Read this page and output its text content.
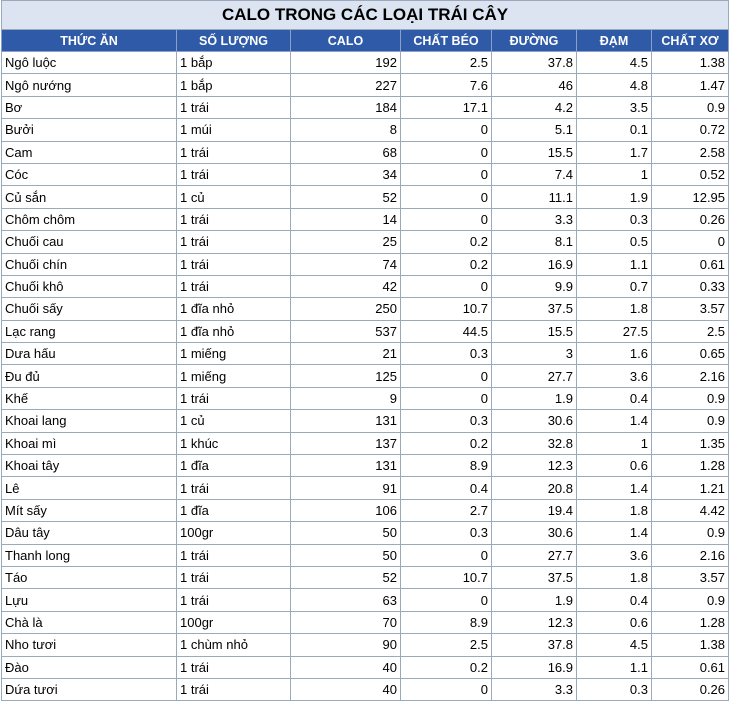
CALO TRONG CÁC LOẠI TRÁI CÂY						
THỨC ĂN	SỐ LƯỢNG	CALO	CHẤT BÉO	ĐƯỜNG	ĐẠM	CHẤT XƠ
Ngô luộc	1 bắp	192	2.5	37.8	4.5	1.38
Ngô nướng	1 bắp	227	7.6	46	4.8	1.47
Bơ	1 trái	184	17.1	4.2	3.5	0.9
Bưởi	1 múi	8	0	5.1	0.1	0.72
Cam	1 trái	68	0	15.5	1.7	2.58
Cóc	1 trái	34	0	7.4	1	0.52
Củ sắn	1 củ	52	0	11.1	1.9	12.95
Chôm chôm	1 trái	14	0	3.3	0.3	0.26
Chuối cau	1 trái	25	0.2	8.1	0.5	0
Chuối chín	1 trái	74	0.2	16.9	1.1	0.61
Chuối khô	1 trái	42	0	9.9	0.7	0.33
Chuối sấy	1 đĩa nhỏ	250	10.7	37.5	1.8	3.57
Lạc rang	1 đĩa nhỏ	537	44.5	15.5	27.5	2.5
Dưa hấu	1 miếng	21	0.3	3	1.6	0.65
Đu đủ	1 miếng	125	0	27.7	3.6	2.16
Khế	1 trái	9	0	1.9	0.4	0.9
Khoai lang	1 củ	131	0.3	30.6	1.4	0.9
Khoai mì	1 khúc	137	0.2	32.8	1	1.35
Khoai tây	1 đĩa	131	8.9	12.3	0.6	1.28
Lê	1 trái	91	0.4	20.8	1.4	1.21
Mít sấy	1 đĩa	106	2.7	19.4	1.8	4.42
Dâu tây	100gr	50	0.3	30.6	1.4	0.9
Thanh long	1 trái	50	0	27.7	3.6	2.16
Táo	1 trái	52	10.7	37.5	1.8	3.57
Lựu	1 trái	63	0	1.9	0.4	0.9
Chà là	100gr	70	8.9	12.3	0.6	1.28
Nho tươi	1 chùm nhỏ	90	2.5	37.8	4.5	1.38
Đào	1 trái	40	0.2	16.9	1.1	0.61
Dứa tươi	1 trái	40	0	3.3	0.3	0.26
